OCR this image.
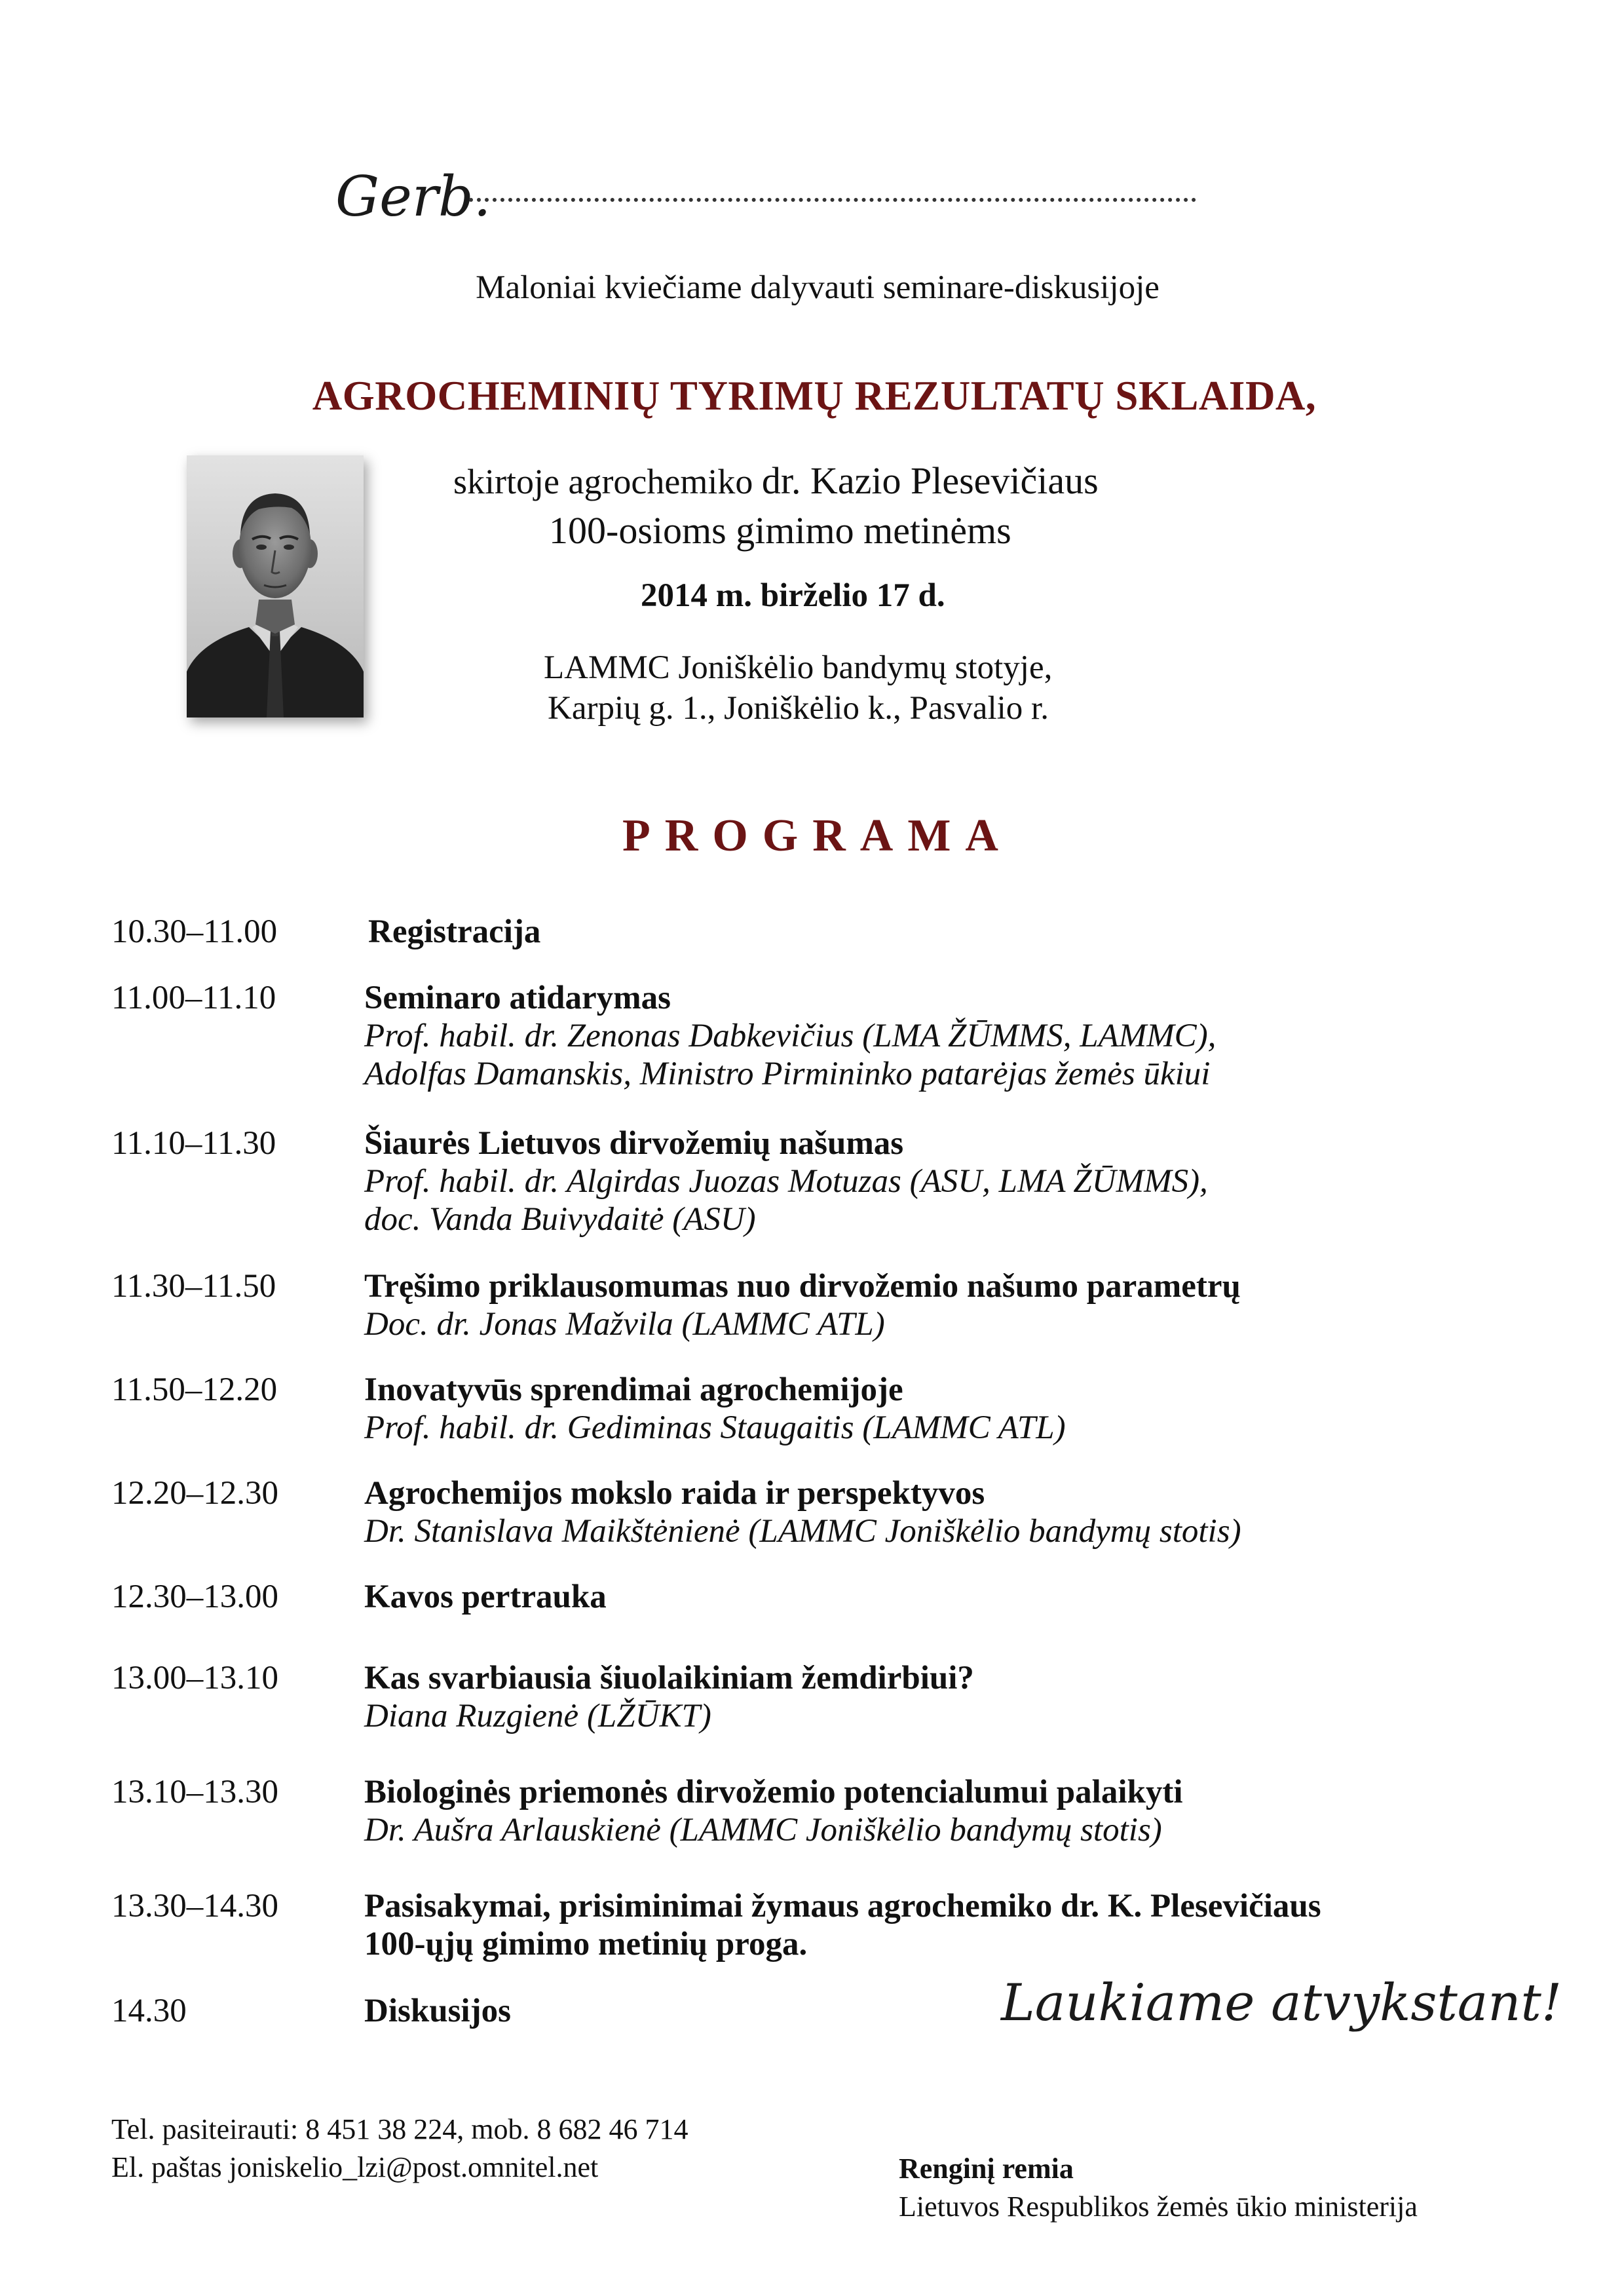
Gerb.
Maloniai kviečiame dalyvauti seminare-diskusijoje
AGROCHEMINIŲ TYRIMŲ REZULTATŲ SKLAIDA,
skirtoje agrochemiko dr. Kazio Plesevičiaus
100-osioms gimimo metinėms
2014 m. birželio 17 d.
LAMMC Joniškėlio bandymų stotyje,
Karpių g. 1., Joniškėlio k., Pasvalio r.
PROGRAMA
10.30–11.00	Registracija
11.00–11.10	Seminaro atidarymas
Prof. habil. dr. Zenonas Dabkevičius (LMA ŽŪMMS, LAMMC),
Adolfas Damanskis, Ministro Pirmininko patarėjas žemės ūkiui
11.10–11.30	Šiaurės Lietuvos dirvožemių našumas
Prof. habil. dr. Algirdas Juozas Motuzas (ASU, LMA ŽŪMMS),
doc. Vanda Buivydaitė (ASU)
11.30–11.50	Tręšimo priklausomumas nuo dirvožemio našumo parametrų
Doc. dr. Jonas Mažvila (LAMMC ATL)
11.50–12.20	Inovatyvūs sprendimai agrochemijoje
Prof. habil. dr. Gediminas Staugaitis (LAMMC ATL)
12.20–12.30	Agrochemijos mokslo raida ir perspektyvos
Dr. Stanislava Maikštėnienė (LAMMC Joniškėlio bandymų stotis)
12.30–13.00	Kavos pertrauka
13.00–13.10	Kas svarbiausia šiuolaikiniam žemdirbiui?
Diana Ruzgienė (LŽŪKT)
13.10–13.30	Biologinės priemonės dirvožemio potencialumui palaikyti
Dr. Aušra Arlauskienė (LAMMC Joniškėlio bandymų stotis)
13.30–14.30	Pasisakymai, prisiminimai žymaus agrochemiko dr. K. Plesevičiaus
100-ųjų gimimo metinių proga.
14.30	Diskusijos	Laukiame atvykstant!
Tel. pasiteirauti: 8 451 38 224, mob. 8 682 46 714
El. paštas joniskelio_lzi@post.omnitel.net	Renginį remia
Lietuvos Respublikos žemės ūkio ministerija
